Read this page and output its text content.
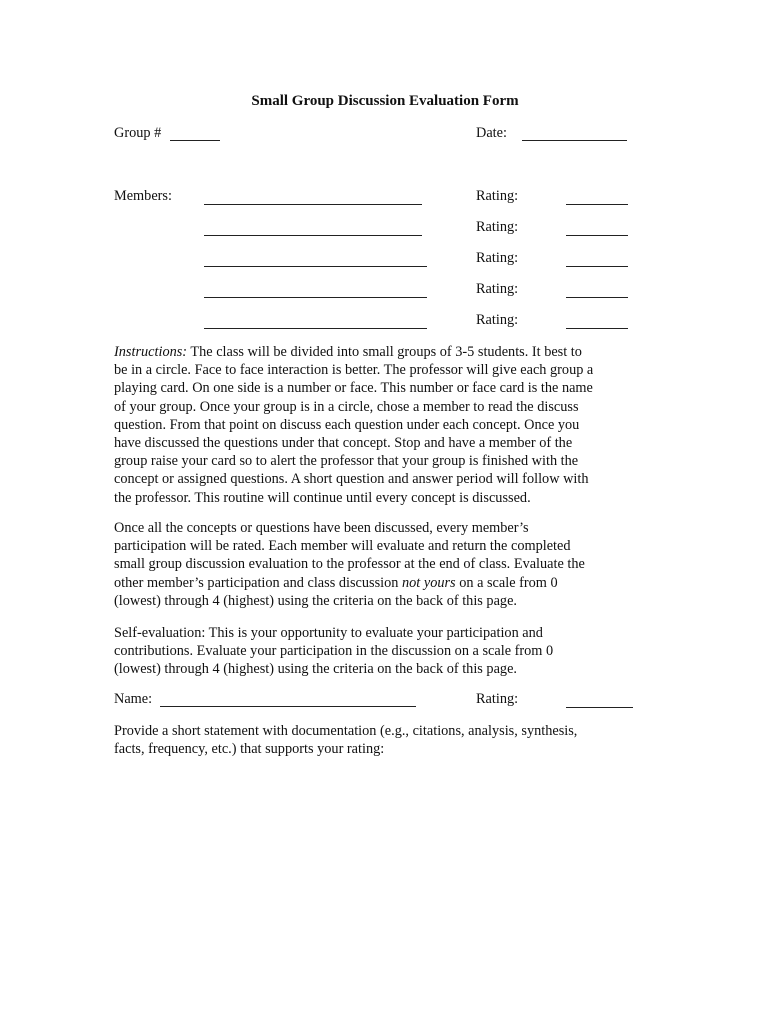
Small Group Discussion Evaluation Form
Group #	Date:
Members:	Rating:
Rating:
Rating:
Rating:
Rating:
Instructions: The class will be divided into small groups of 3-5 students. It best to
be in a circle. Face to face interaction is better. The professor will give each group a
playing card. On one side is a number or face. This number or face card is the name
of your group. Once your group is in a circle, chose a member to read the discuss
question. From that point on discuss each question under each concept. Once you
have discussed the questions under that concept. Stop and have a member of the
group raise your card so to alert the professor that your group is finished with the
concept or assigned questions. A short question and answer period will follow with
the professor. This routine will continue until every concept is discussed.
Once all the concepts or questions have been discussed, every member’s
participation will be rated. Each member will evaluate and return the completed
small group discussion evaluation to the professor at the end of class. Evaluate the
other member’s participation and class discussion not yours on a scale from 0
(lowest) through 4 (highest) using the criteria on the back of this page.
Self-evaluation: This is your opportunity to evaluate your participation and
contributions. Evaluate your participation in the discussion on a scale from 0
(lowest) through 4 (highest) using the criteria on the back of this page.
Name:	Rating:
Provide a short statement with documentation (e.g., citations, analysis, synthesis,
facts, frequency, etc.) that supports your rating:
